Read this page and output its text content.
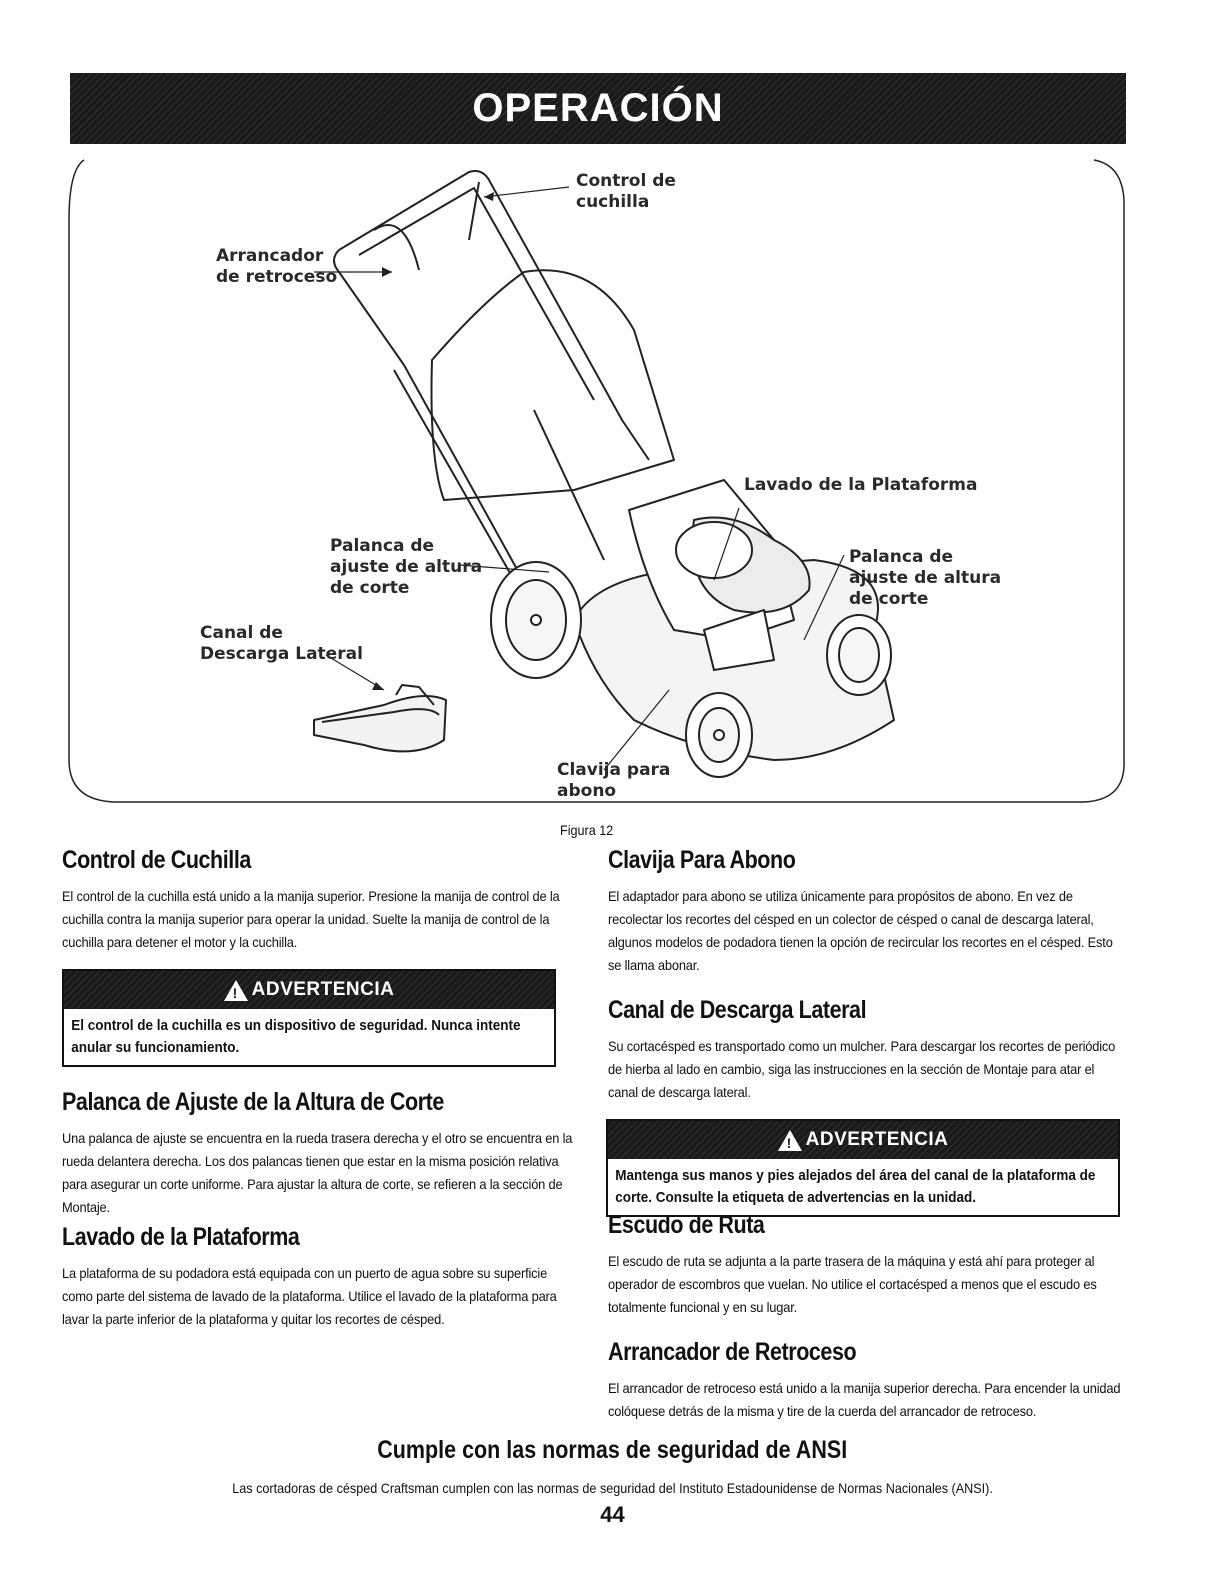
OPERACIÓN
Control de
cuchilla
Arrancador
de retroceso
Lavado de la Plataforma
Palanca de
ajuste de altura
de corte
Palanca de
ajuste de altura
de corte
Canal de
Descarga Lateral
Clavija para
abono
Figura 12
Control de Cuchilla

El control de la cuchilla está unido a la manija superior. Presione la manija de control de la cuchilla contra la manija superior para operar la unidad. Suelte la manija de control de la cuchilla para detener el motor y la cuchilla.

! ADVERTENCIA
El control de la cuchilla es un dispositivo de seguridad. Nunca intente anular su funcionamiento.
Palanca de Ajuste de la Altura de Corte

Una palanca de ajuste se encuentra en la rueda trasera derecha y el otro se encuentra en la rueda delantera derecha. Los dos palancas tienen que estar en la misma posición relativa para asegurar un corte uniforme. Para ajustar la altura de corte, se refieren a la sección de Montaje.

Lavado de la Plataforma

La plataforma de su podadora está equipada con un puerto de agua sobre su superficie como parte del sistema de lavado de la plataforma. Utilice el lavado de la plataforma para lavar la parte inferior de la plataforma y quitar los recortes de césped.

Clavija Para Abono

El adaptador para abono se utiliza únicamente para propósitos de abono. En vez de recolectar los recortes del césped en un colector de césped o canal de descarga lateral, algunos modelos de podadora tienen la opción de recircular los recortes en el césped. Esto se llama abonar.

Canal de Descarga Lateral

Su cortacésped es transportado como un mulcher. Para descargar los recortes de periódico de hierba al lado en cambio, siga las instrucciones en la sección de Montaje para atar el canal de descarga lateral.

! ADVERTENCIA
Mantenga sus manos y pies alejados del área del canal de la plataforma de corte. Consulte la etiqueta de advertencias en la unidad.
Escudo de Ruta

El escudo de ruta se adjunta a la parte trasera de la máquina y está ahí para proteger al operador de escombros que vuelan. No utilice el cortacésped a menos que el escudo es totalmente funcional y en su lugar.

Arrancador de Retroceso

El arrancador de retroceso está unido a la manija superior derecha. Para encender la unidad colóquese detrás de la misma y tire de la cuerda del arrancador de retroceso.

Cumple con las normas de seguridad de ANSI
Las cortadoras de césped Craftsman cumplen con las normas de seguridad del Instituto Estadounidense de Normas Nacionales (ANSI).
44
